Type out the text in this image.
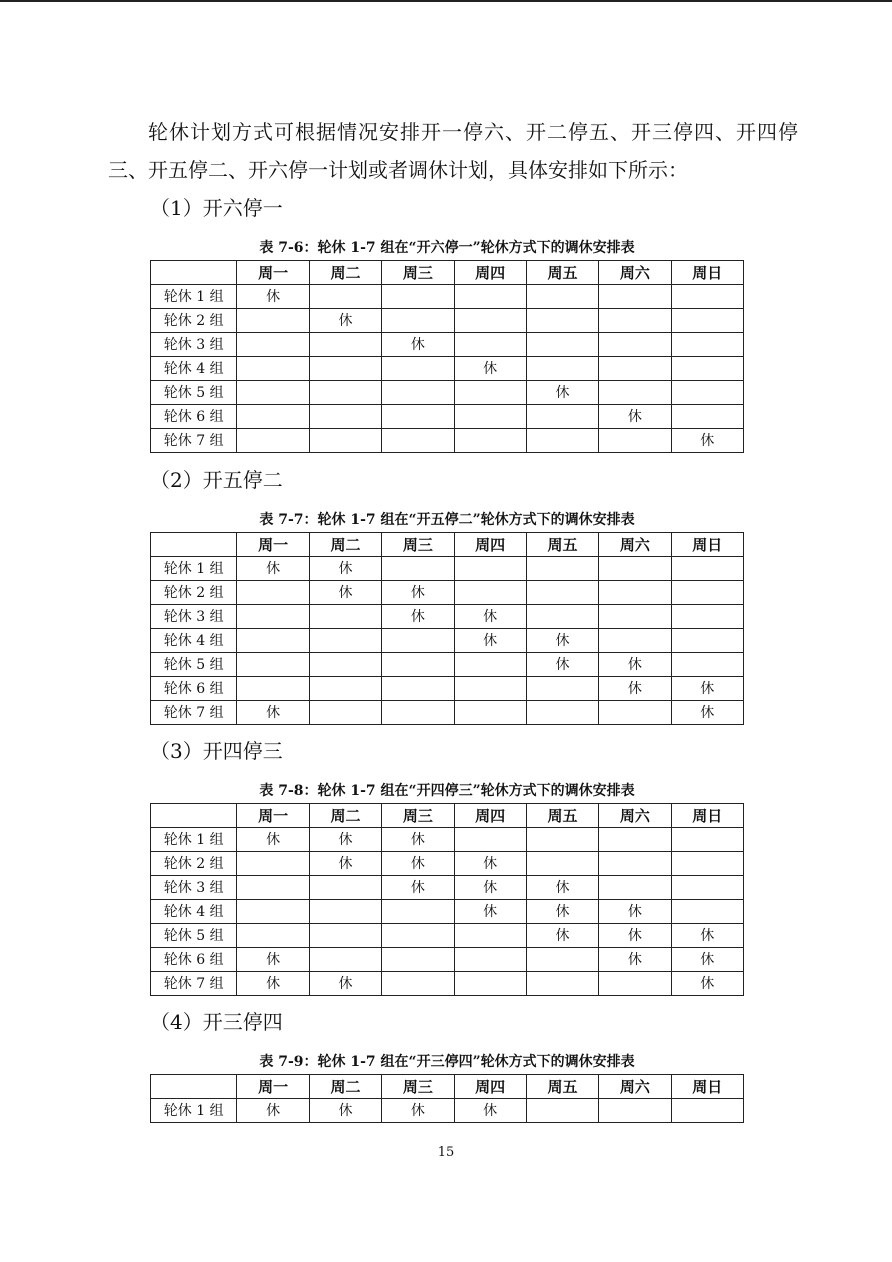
轮休计划方式可根据情况安排开一停六、开二停五、开三停四、开四停三、开五停二、开六停一计划或者调休计划，具体安排如下所示：

（1）开六停一
表 7-6：轮休 1-7 组在“开六停一”轮休方式下的调休安排表
	周一	周二	周三	周四	周五	周六	周日
轮休 1 组	休						
轮休 2 组		休					
轮休 3 组			休				
轮休 4 组				休			
轮休 5 组					休		
轮休 6 组						休	
轮休 7 组							休
（2）开五停二
表 7-7：轮休 1-7 组在“开五停二”轮休方式下的调休安排表
	周一	周二	周三	周四	周五	周六	周日
轮休 1 组	休	休					
轮休 2 组		休	休				
轮休 3 组			休	休			
轮休 4 组				休	休		
轮休 5 组					休	休	
轮休 6 组						休	休
轮休 7 组	休						休
（3）开四停三
表 7-8：轮休 1-7 组在“开四停三”轮休方式下的调休安排表
	周一	周二	周三	周四	周五	周六	周日
轮休 1 组	休	休	休				
轮休 2 组		休	休	休			
轮休 3 组			休	休	休		
轮休 4 组				休	休	休	
轮休 5 组					休	休	休
轮休 6 组	休					休	休
轮休 7 组	休	休					休
（4）开三停四
表 7-9：轮休 1-7 组在“开三停四”轮休方式下的调休安排表
	周一	周二	周三	周四	周五	周六	周日
轮休 1 组	休	休	休	休			
15
